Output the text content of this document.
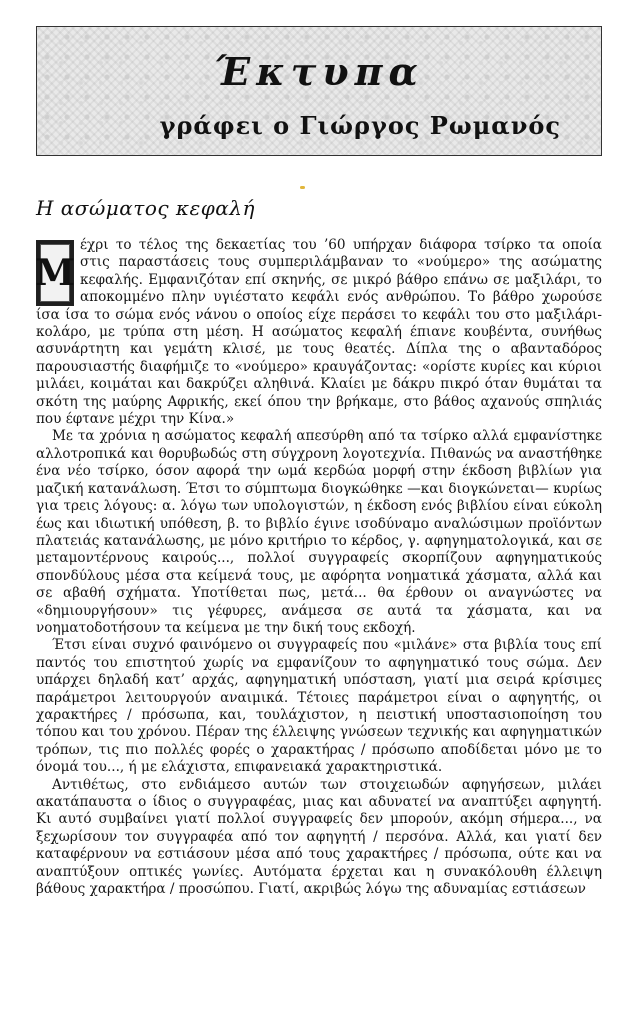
Έκτυπα
γράφει ο Γιώργος Ρωμανός
Η ασώματος κεφαλή

Μ
έχρι το τέλος της δεκαετίας του ’60 υπήρχαν διάφορα τσίρκο τα οποία στις παραστάσεις τους συμπεριλάμβαναν το «νούμερο» της ασώματης κεφαλής. Εμφανιζόταν επί σκηνής, σε μικρό βάθρο επάνω σε μαξιλάρι, το αποκομμένο πλην υγιέστατο κεφάλι ενός ανθρώπου. Το βάθρο χωρούσε ίσα ίσα το σώμα ενός νάνου ο οποίος είχε περάσει το κεφάλι του στο μαξιλάρι-κολάρο, με τρύπα στη μέση. Η ασώματος κεφαλή έπιανε κουβέντα, συνήθως ασυνάρτητη και γεμάτη κλισέ, με τους θεατές. Δίπλα της ο αβανταδόρος παρουσιαστής διαφήμιζε το «νούμερο» κραυγάζοντας: «ορίστε κυρίες και κύριοι μιλάει, κοιμάται και δακρύζει αληθινά. Κλαίει με δάκρυ πικρό όταν θυμάται τα σκότη της μαύρης Αφρικής, εκεί όπου την βρήκαμε, στο βάθος αχανούς σπηλιάς που έφτανε μέχρι την Κίνα.»

Με τα χρόνια η ασώματος κεφαλή απεσύρθη από τα τσίρκο αλλά εμφανίστηκε αλλοτροπικά και θορυβωδώς στη σύγχρονη λογοτεχνία. Πιθανώς να αναστήθηκε ένα νέο τσίρκο, όσον αφορά την ωμά κερδώα μορφή στην έκδοση βιβλίων για μαζική κατανάλωση. Έτσι το σύμπτωμα διογκώθηκε —και διογκώνεται— κυρίως για τρεις λόγους: α. λόγω των υπολογιστών, η έκδοση ενός βιβλίου είναι εύκολη έως και ιδιωτική υπόθεση, β. το βιβλίο έγινε ισοδύναμο αναλώσιμων προϊόντων πλατειάς κατανάλωσης, με μόνο κριτήριο το κέρδος, γ. αφηγηματολογικά, και σε μεταμοντέρνους καιρούς..., πολλοί συγγραφείς σκορπίζουν αφηγηματικούς σπονδύλους μέσα στα κείμενά τους, με αφόρητα νοηματικά χάσματα, αλλά και σε αβαθή σχήματα. Υποτίθεται πως, μετά... θα έρθουν οι αναγνώστες να «δημιουργήσουν» τις γέφυρες, ανάμεσα σε αυτά τα χάσματα, και να νοηματοδοτήσουν τα κείμενα με την δική τους εκδοχή.

Έτσι είναι συχνό φαινόμενο οι συγγραφείς που «μιλάνε» στα βιβλία τους επί παντός του επιστητού χωρίς να εμφανίζουν το αφηγηματικό τους σώμα. Δεν υπάρχει δηλαδή κατ’ αρχάς, αφηγηματική υπόσταση, γιατί μια σειρά κρίσιμες παράμετροι λειτουργούν αναιμικά. Τέτοιες παράμετροι είναι ο αφηγητής, οι χαρακτήρες / πρόσωπα, και, τουλάχιστον, η πειστική υποστασιοποίηση του τόπου και του χρόνου. Πέραν της έλλειψης γνώσεων τεχνικής και αφηγηματικών τρόπων, τις πιο πολλές φορές ο χαρακτήρας / πρόσωπο αποδίδεται μόνο με το όνομά του..., ή με ελάχιστα, επιφανειακά χαρακτηριστικά.

Αντιθέτως, στο ενδιάμεσο αυτών των στοιχειωδών αφηγήσεων, μιλάει ακατάπαυστα ο ίδιος ο συγγραφέας, μιας και αδυνατεί να αναπτύξει αφηγητή. Κι αυτό συμβαίνει γιατί πολλοί συγγραφείς δεν μπορούν, ακόμη σήμερα..., να ξεχωρίσουν τον συγγραφέα από τον αφηγητή / περσόνα. Αλλά, και γιατί δεν καταφέρνουν να εστιάσουν μέσα από τους χαρακτήρες / πρόσωπα, ούτε και να αναπτύξουν οπτικές γωνίες. Αυτόματα έρχεται και η συνακόλουθη έλλειψη βάθους χαρακτήρα / προσώπου. Γιατί, ακριβώς λόγω της αδυναμίας εστιάσεων
